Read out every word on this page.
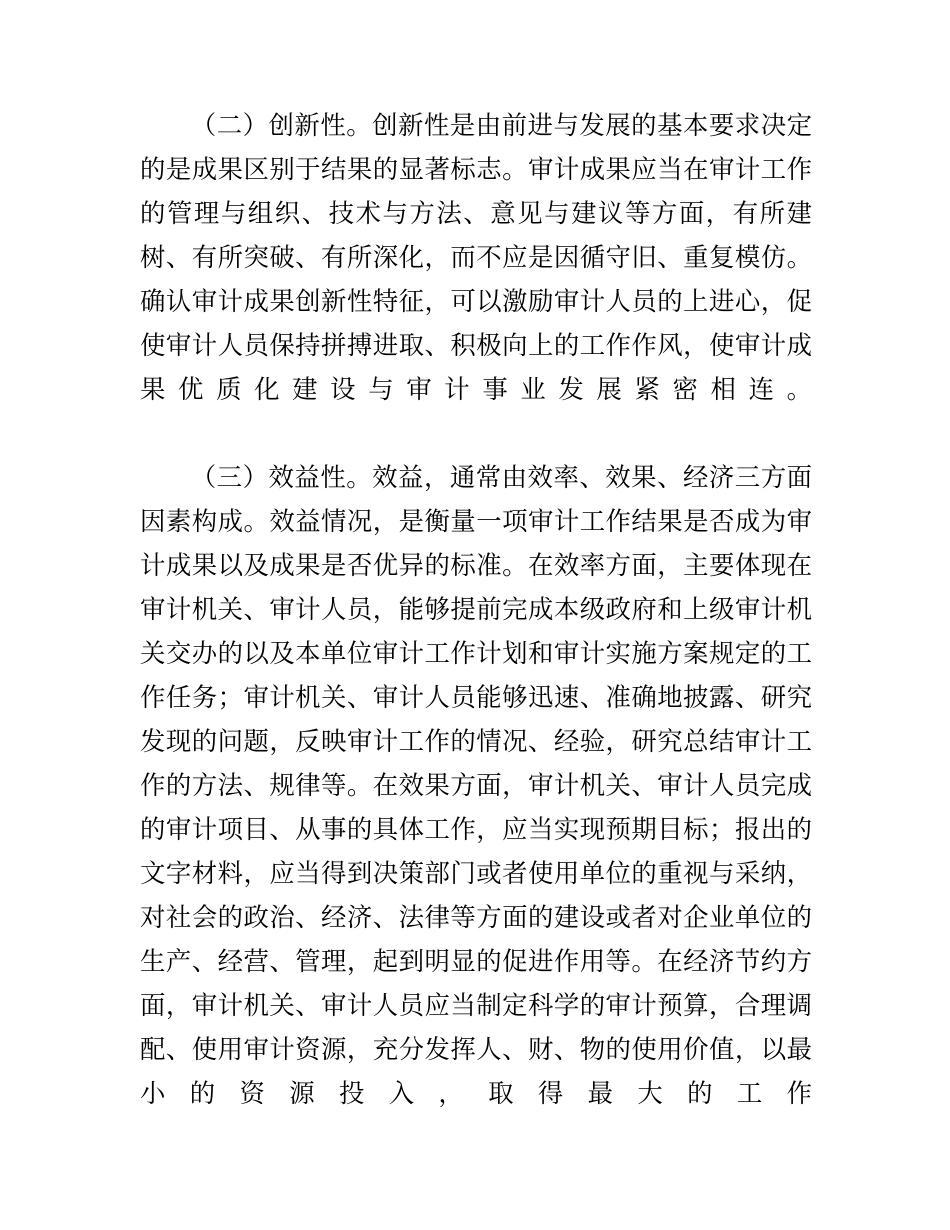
（二）创新性。创新性是由前进与发展的基本要求决定的是成果区别于结果的显著标志。审计成果应当在审计工作的管理与组织、技术与方法、意见与建议等方面，有所建树、有所突破、有所深化，而不应是因循守旧、重复模仿。确认审计成果创新性特征，可以激励审计人员的上进心，促使审计人员保持拼搏进取、积极向上的工作作风，使审计成果优质化建设与审计事业发展紧密相连。

（三）效益性。效益，通常由效率、效果、经济三方面因素构成。效益情况，是衡量一项审计工作结果是否成为审计成果以及成果是否优异的标准。在效率方面，主要体现在审计机关、审计人员，能够提前完成本级政府和上级审计机关交办的以及本单位审计工作计划和审计实施方案规定的工作任务；审计机关、审计人员能够迅速、准确地披露、研究发现的问题，反映审计工作的情况、经验，研究总结审计工作的方法、规律等。在效果方面，审计机关、审计人员完成的审计项目、从事的具体工作，应当实现预期目标；报出的文字材料，应当得到决策部门或者使用单位的重视与采纳，对社会的政治、经济、法律等方面的建设或者对企业单位的生产、经营、管理，起到明显的促进作用等。在经济节约方面，审计机关、审计人员应当制定科学的审计预算，合理调配、使用审计资源，充分发挥人、财、物的使用价值，以最小的资源投入，取得最大的工作
